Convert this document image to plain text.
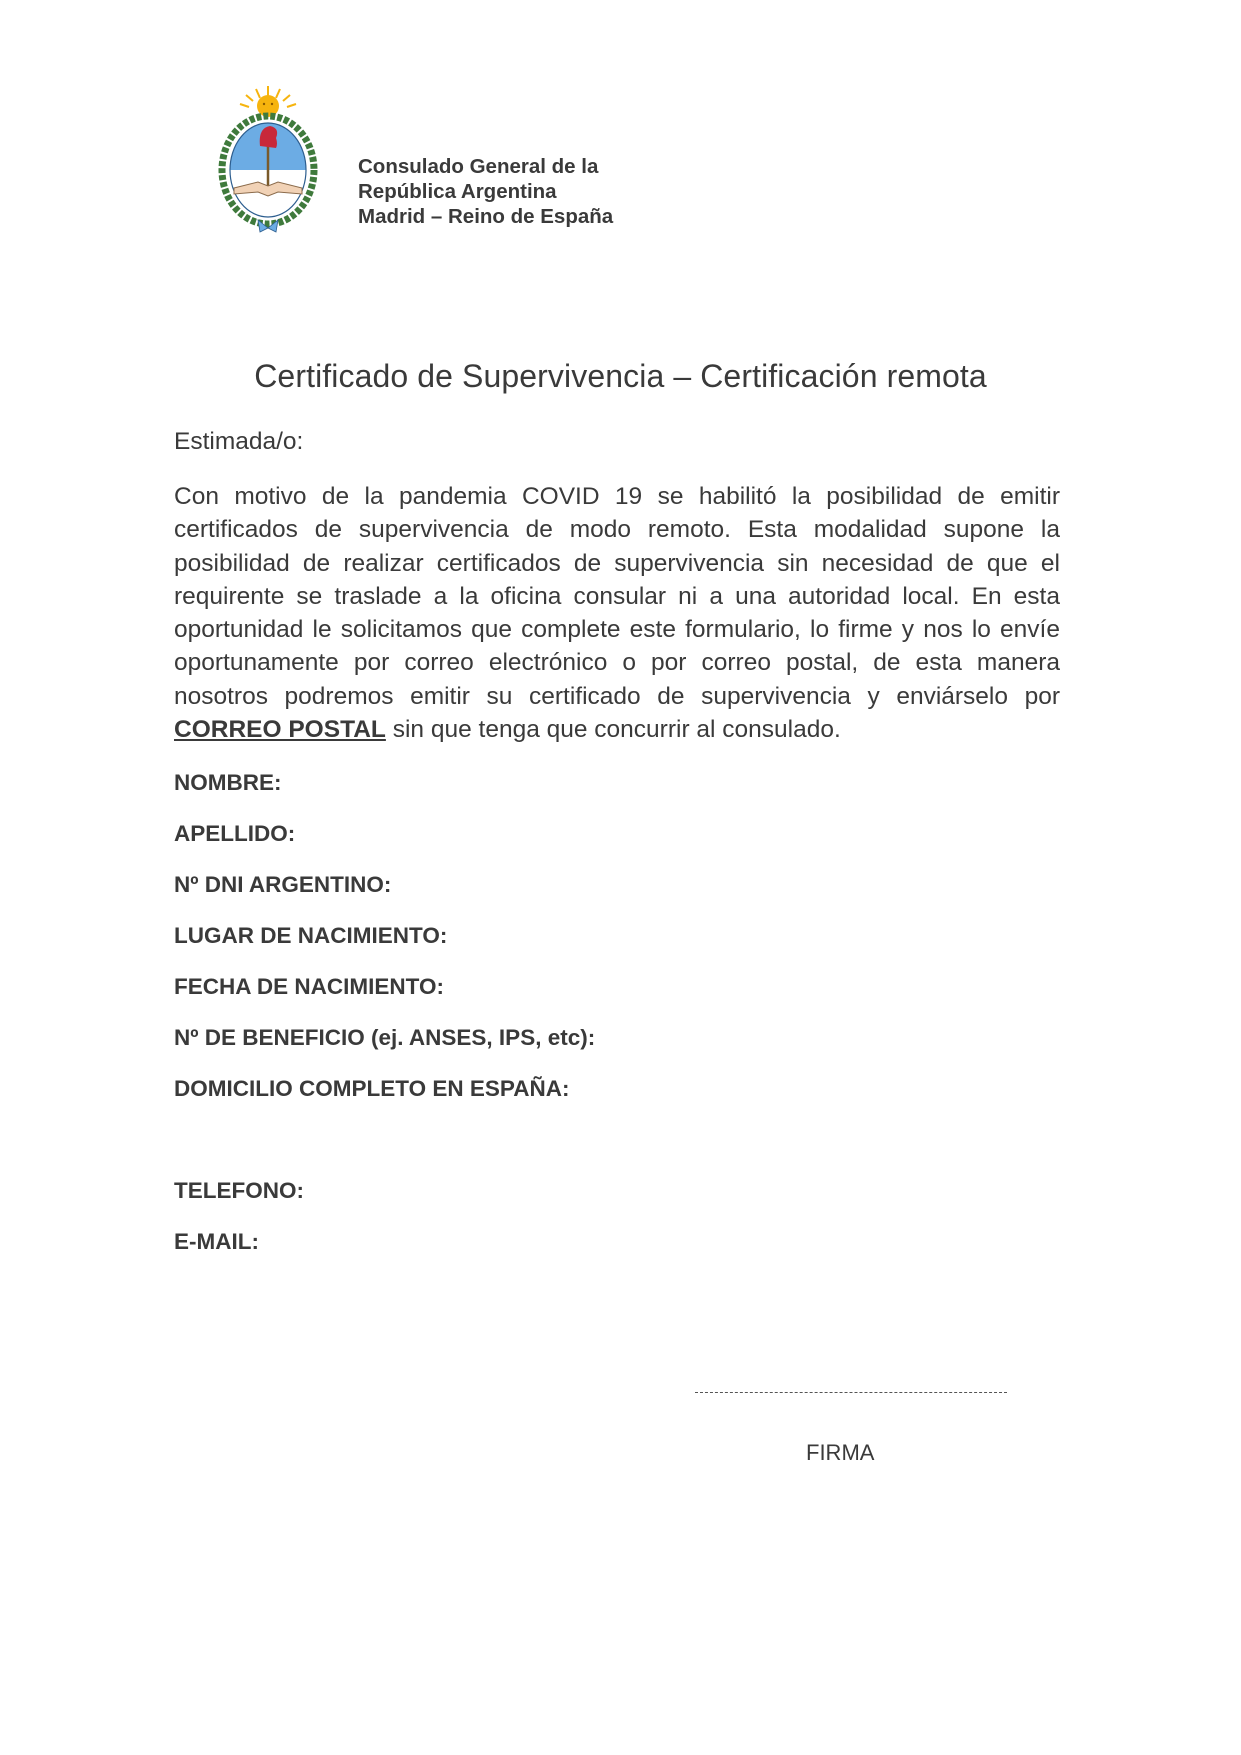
Consulado General de la
República Argentina
Madrid – Reino de España
Certificado de Supervivencia – Certificación remota
Estimada/o:
Con motivo de la pandemia COVID 19 se habilitó la posibilidad de emitir certificados de supervivencia de modo remoto. Esta modalidad supone la posibilidad de realizar certificados de supervivencia sin necesidad de que el requirente se traslade a la oficina consular ni a una autoridad local. En esta oportunidad le solicitamos que complete este formulario, lo firme y nos lo envíe oportunamente por correo electrónico o por correo postal, de esta manera nosotros podremos emitir su certificado de supervivencia y enviárselo por CORREO POSTAL sin que tenga que concurrir al consulado.
NOMBRE:
APELLIDO:
Nº DNI ARGENTINO:
LUGAR DE NACIMIENTO:
FECHA DE NACIMIENTO:
Nº DE BENEFICIO (ej. ANSES, IPS, etc):
DOMICILIO COMPLETO EN ESPAÑA:
TELEFONO:
E-MAIL:
FIRMA
